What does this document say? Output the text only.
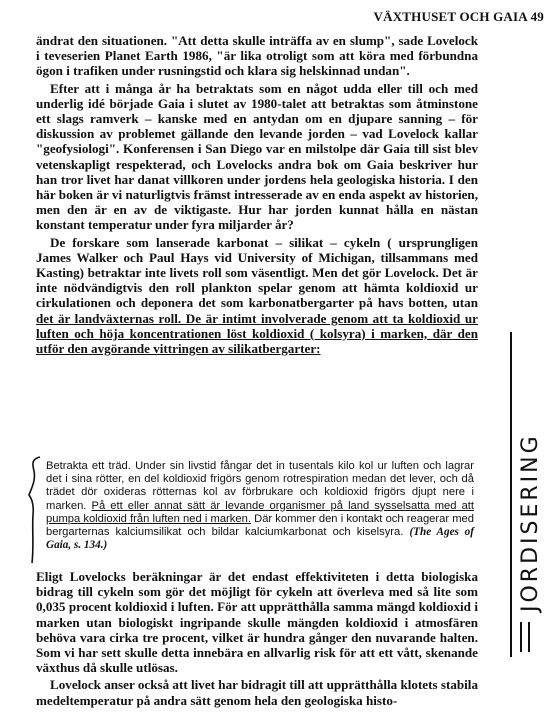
VÄXTHUSET OCH GAIA 49

ändrat den situationen. "Att detta skulle inträffa av en slump", sade Lovelock i teveserien Planet Earth 1986, "är lika otroligt som att köra med förbundna ögon i trafiken under rusningstid och klara sig helskinnad undan".

Efter att i många år ha betraktats som en något udda eller till och med underlig idé började Gaia i slutet av 1980-talet att betraktas som åtminstone ett slags ramverk – kanske med en antydan om en djupare sanning – för diskussion av problemet gällande den levande jorden – vad Lovelock kallar "geofysiologi". Konferensen i San Diego var en milstolpe där Gaia till sist blev vetenskapligt respekterad, och Lovelocks andra bok om Gaia beskriver hur han tror livet har danat villkoren under jordens hela geologiska historia. I den här boken är vi naturligtvis främst intresserade av en enda aspekt av historien, men den är en av de viktigaste. Hur har jorden kunnat hålla en nästan konstant temperatur under fyra miljarder år?

De forskare som lanserade karbonat – silikat – cykeln ( ursprungligen James Walker och Paul Hays vid University of Michigan, tillsammans med Kasting) betraktar inte livets roll som väsentligt. Men det gör Lovelock. Det är inte nödvändigtvis den roll plankton spelar genom att hämta koldioxid ur cirkulationen och deponera det som karbonatbergarter på havs botten, utan det är landväxternas roll. De är intimt involverade genom att ta koldioxid ur luften och höja koncentrationen löst koldioxid ( kolsyra) i marken, där den utför den avgörande vittringen av silikatbergarter:

Betrakta ett träd. Under sin livstid fångar det in tusentals kilo kol ur luften och lagrar det i sina rötter, en del koldioxid frigörs genom rotrespiration medan det lever, och då trädet dör oxideras rötternas kol av förbrukare och koldioxid frigörs djupt nere i marken. På ett eller annat sätt är levande organismer på land sysselsatta med att pumpa koldioxid från luften ned i marken. Där kommer den i kontakt och reagerar med bergarternas kalciumsilikat och bildar kalciumkarbonat och kiselsyra. (The Ages of Gaia, s. 134.)

Eligt Lovelocks beräkningar är det endast effektiviteten i detta biologiska bidrag till cykeln som gör det möjligt för cykeln att överleva med så lite som 0,035 procent koldioxid i luften. För att upprätthålla samma mängd koldioxid i marken utan biologiskt ingripande skulle mängden koldioxid i atmosfären behöva vara cirka tre procent, vilket är hundra gånger den nuvarande halten. Som vi har sett skulle detta innebära en allvarlig risk för att ett vått, skenande växthus då skulle utlösas.

Lovelock anser också att livet har bidragit till att upprätthålla klotets stabila medeltemperatur på andra sätt genom hela den geologiska histo-

JORDISERING
